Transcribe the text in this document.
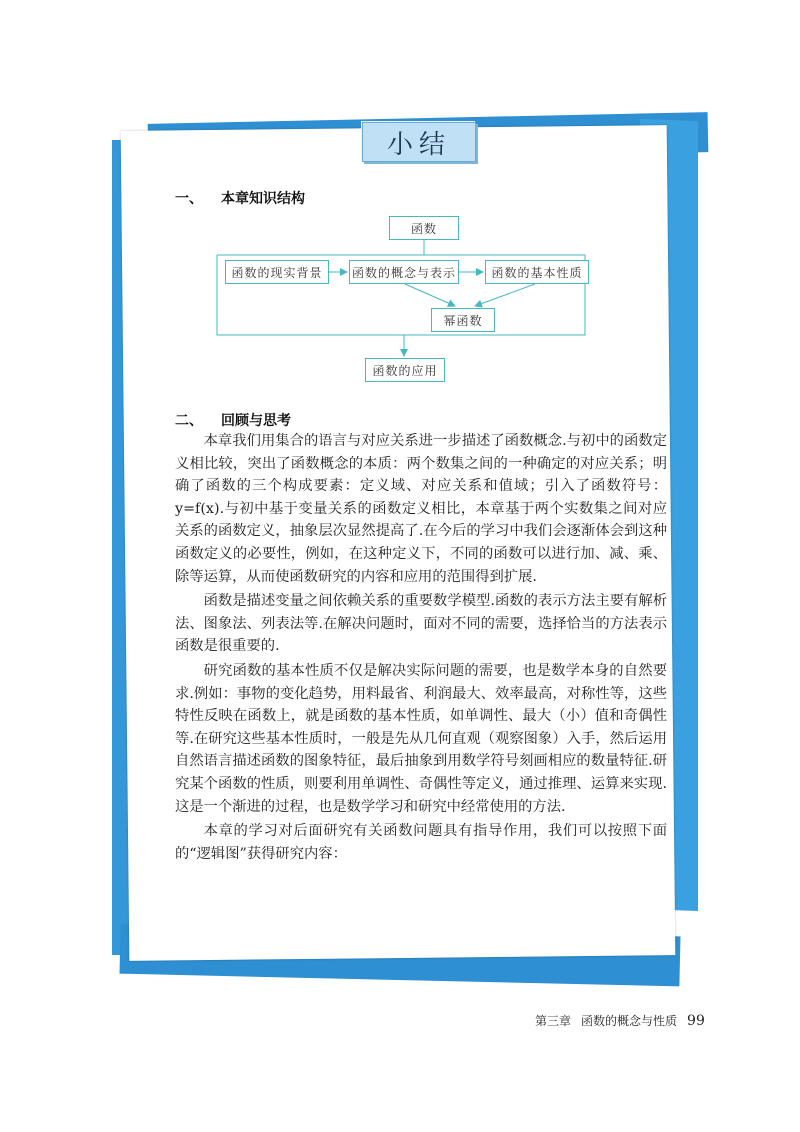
小结
一、 本章知识结构
函数
函数的现实背景	函数的概念与表示	函数的基本性质
幂函数
函数的应用
二、 回顾与思考

本章我们用集合的语言与对应关系进一步描述了函数概念.与初中的函数定义相比较，突出了函数概念的本质：两个数集之间的一种确定的对应关系；明确了函数的三个构成要素：定义域、对应关系和值域；引入了函数符号：y=f(x).与初中基于变量关系的函数定义相比，本章基于两个实数集之间对应关系的函数定义，抽象层次显然提高了.在今后的学习中我们会逐渐体会到这种函数定义的必要性，例如，在这种定义下，不同的函数可以进行加、减、乘、除等运算，从而使函数研究的内容和应用的范围得到扩展.

函数是描述变量之间依赖关系的重要数学模型.函数的表示方法主要有解析法、图象法、列表法等.在解决问题时，面对不同的需要，选择恰当的方法表示函数是很重要的.

研究函数的基本性质不仅是解决实际问题的需要，也是数学本身的自然要求.例如：事物的变化趋势，用料最省、利润最大、效率最高，对称性等，这些特性反映在函数上，就是函数的基本性质，如单调性、最大（小）值和奇偶性等.在研究这些基本性质时，一般是先从几何直观（观察图象）入手，然后运用自然语言描述函数的图象特征，最后抽象到用数学符号刻画相应的数量特征.研究某个函数的性质，则要利用单调性、奇偶性等定义，通过推理、运算来实现.这是一个渐进的过程，也是数学学习和研究中经常使用的方法.

本章的学习对后面研究有关函数问题具有指导作用，我们可以按照下面的“逻辑图”获得研究内容：

第三章 函数的概念与性质 99
